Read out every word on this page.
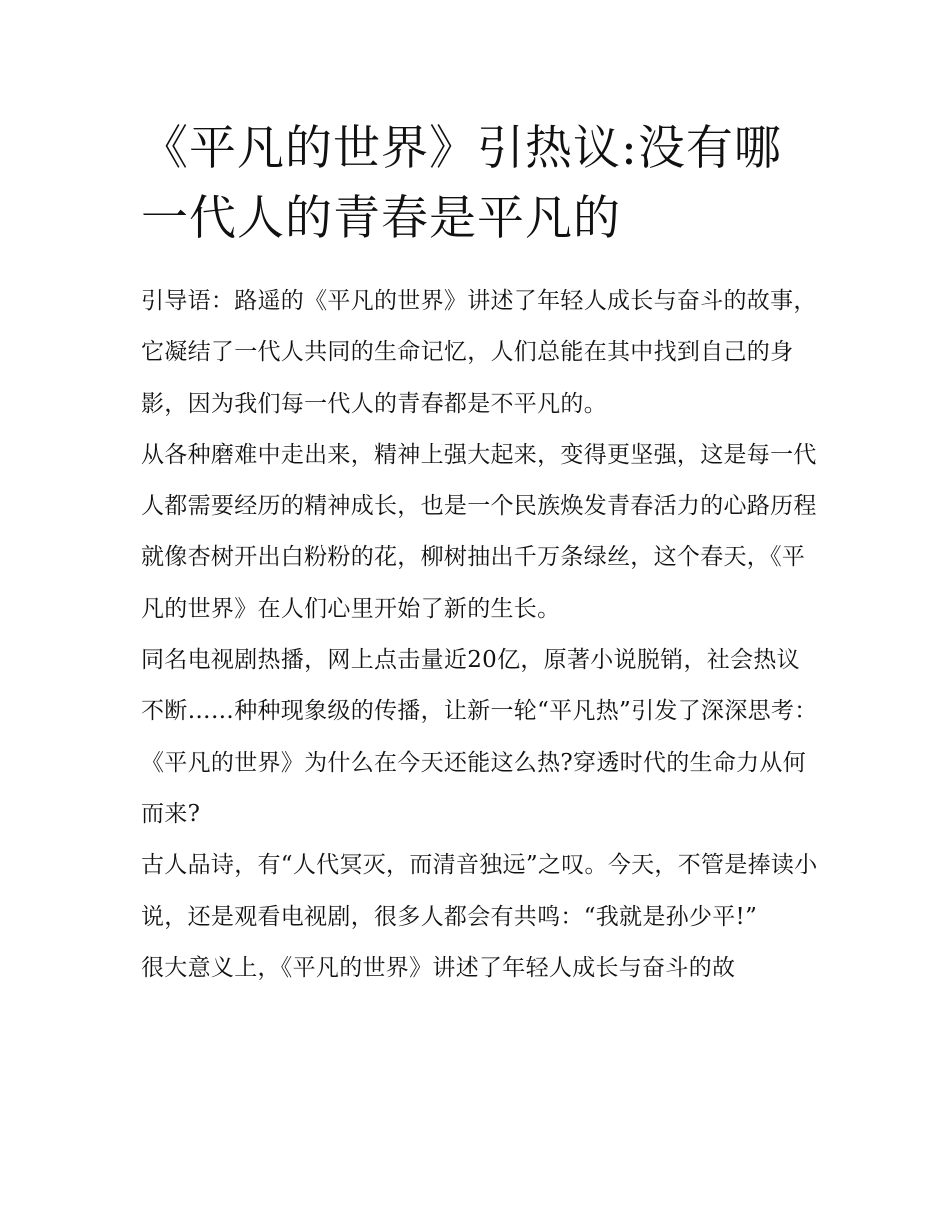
《平凡的世界》引热议:没有哪一代人的青春是平凡的

引导语：路遥的《平凡的世界》讲述了年轻人成长与奋斗的故事，它凝结了一代人共同的生命记忆，人们总能在其中找到自己的身影，因为我们每一代人的青春都是不平凡的。

从各种磨难中走出来，精神上强大起来，变得更坚强，这是每一代人都需要经历的精神成长，也是一个民族焕发青春活力的心路历程

就像杏树开出白粉粉的花，柳树抽出千万条绿丝，这个春天，《平凡的世界》在人们心里开始了新的生长。

同名电视剧热播，网上点击量近20亿，原著小说脱销，社会热议不断……种种现象级的传播，让新一轮“平凡热”引发了深深思考：《平凡的世界》为什么在今天还能这么热?穿透时代的生命力从何而来?

古人品诗，有“人代冥灭，而清音独远”之叹。今天，不管是捧读小说，还是观看电视剧，很多人都会有共鸣：“我就是孙少平!”

很大意义上，《平凡的世界》讲述了年轻人成长与奋斗的故
